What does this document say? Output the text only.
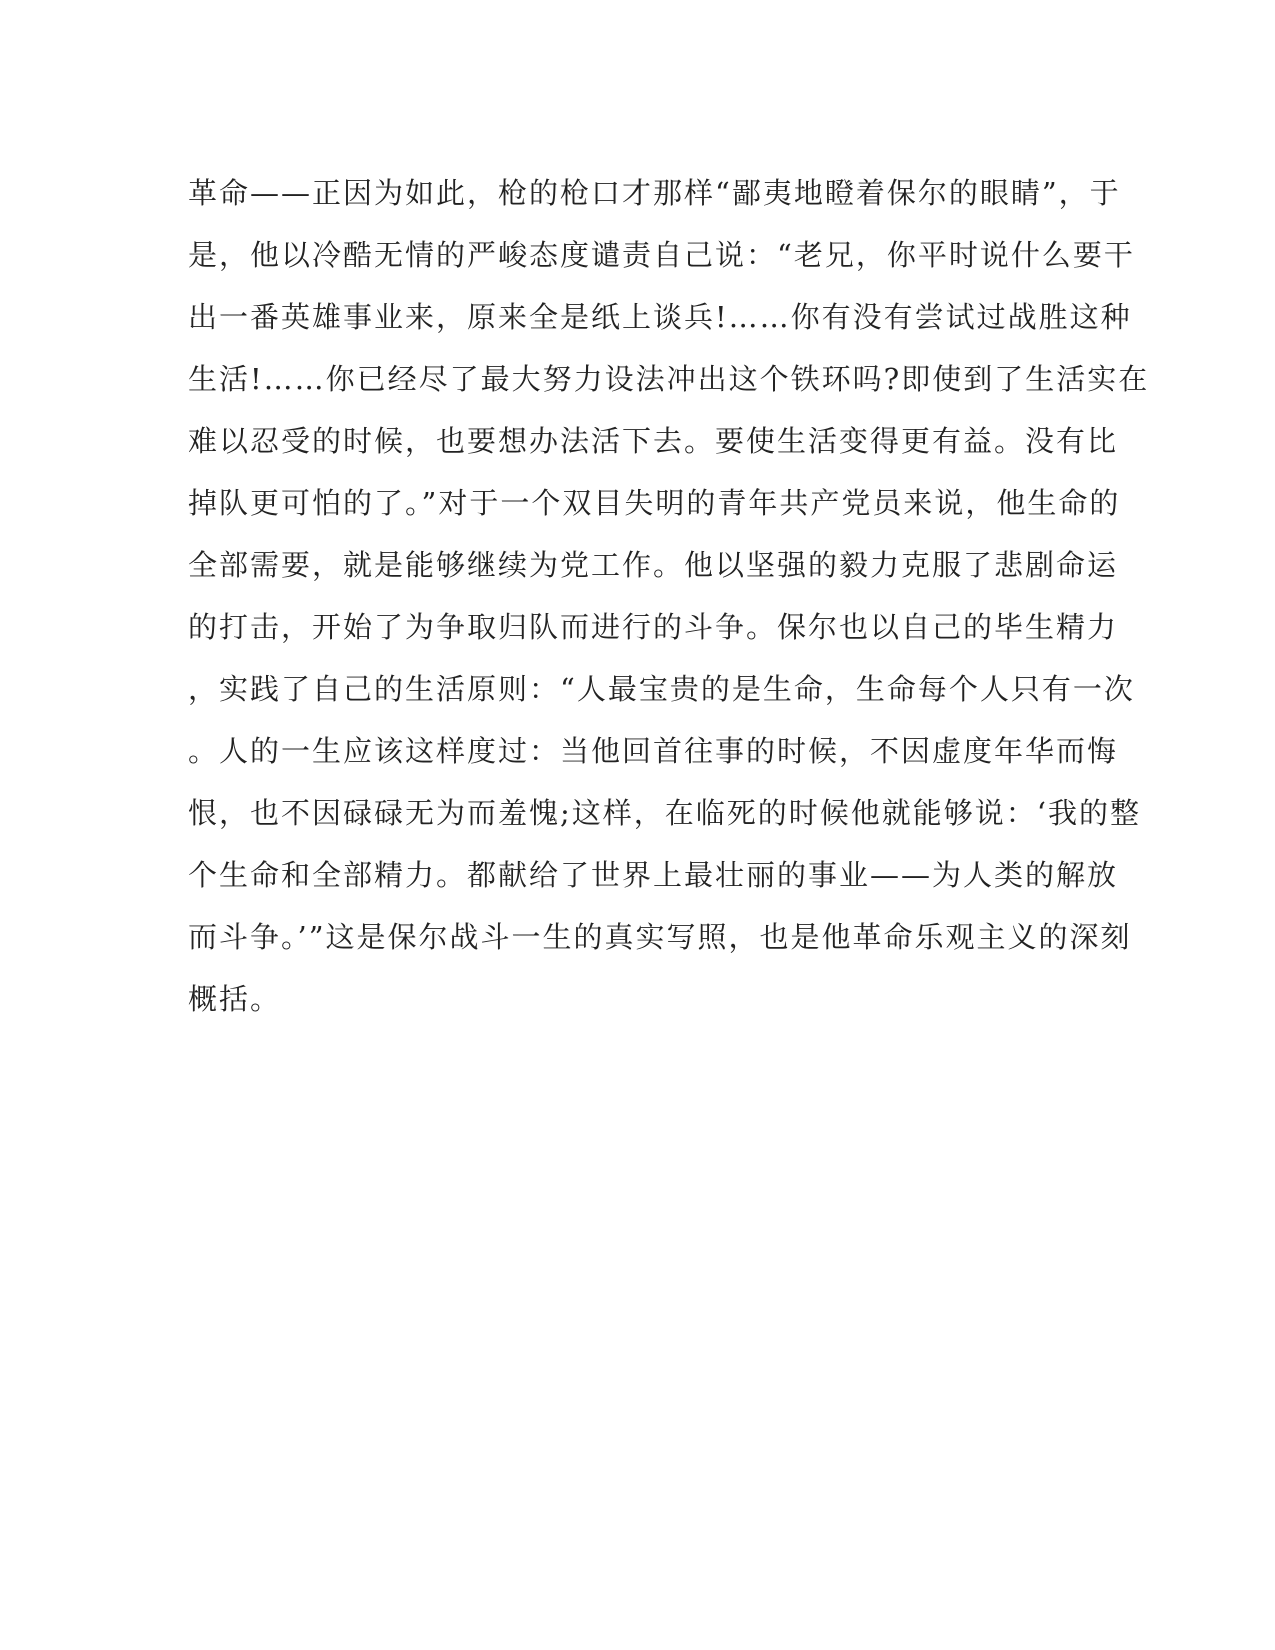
革命——正因为如此，枪的枪口才那样“鄙夷地瞪着保尔的眼睛”，于
是，他以冷酷无情的严峻态度谴责自己说：“老兄，你平时说什么要干
出一番英雄事业来，原来全是纸上谈兵!……你有没有尝试过战胜这种
生活!……你已经尽了最大努力设法冲出这个铁环吗?即使到了生活实在
难以忍受的时候，也要想办法活下去。要使生活变得更有益。没有比
掉队更可怕的了。”对于一个双目失明的青年共产党员来说，他生命的
全部需要，就是能够继续为党工作。他以坚强的毅力克服了悲剧命运
的打击，开始了为争取归队而进行的斗争。保尔也以自己的毕生精力
，实践了自己的生活原则：“人最宝贵的是生命，生命每个人只有一次
。人的一生应该这样度过：当他回首往事的时候，不因虚度年华而悔
恨，也不因碌碌无为而羞愧;这样，在临死的时候他就能够说：‘我的整
个生命和全部精力。都献给了世界上最壮丽的事业——为人类的解放
而斗争。’”这是保尔战斗一生的真实写照，也是他革命乐观主义的深刻
概括。
